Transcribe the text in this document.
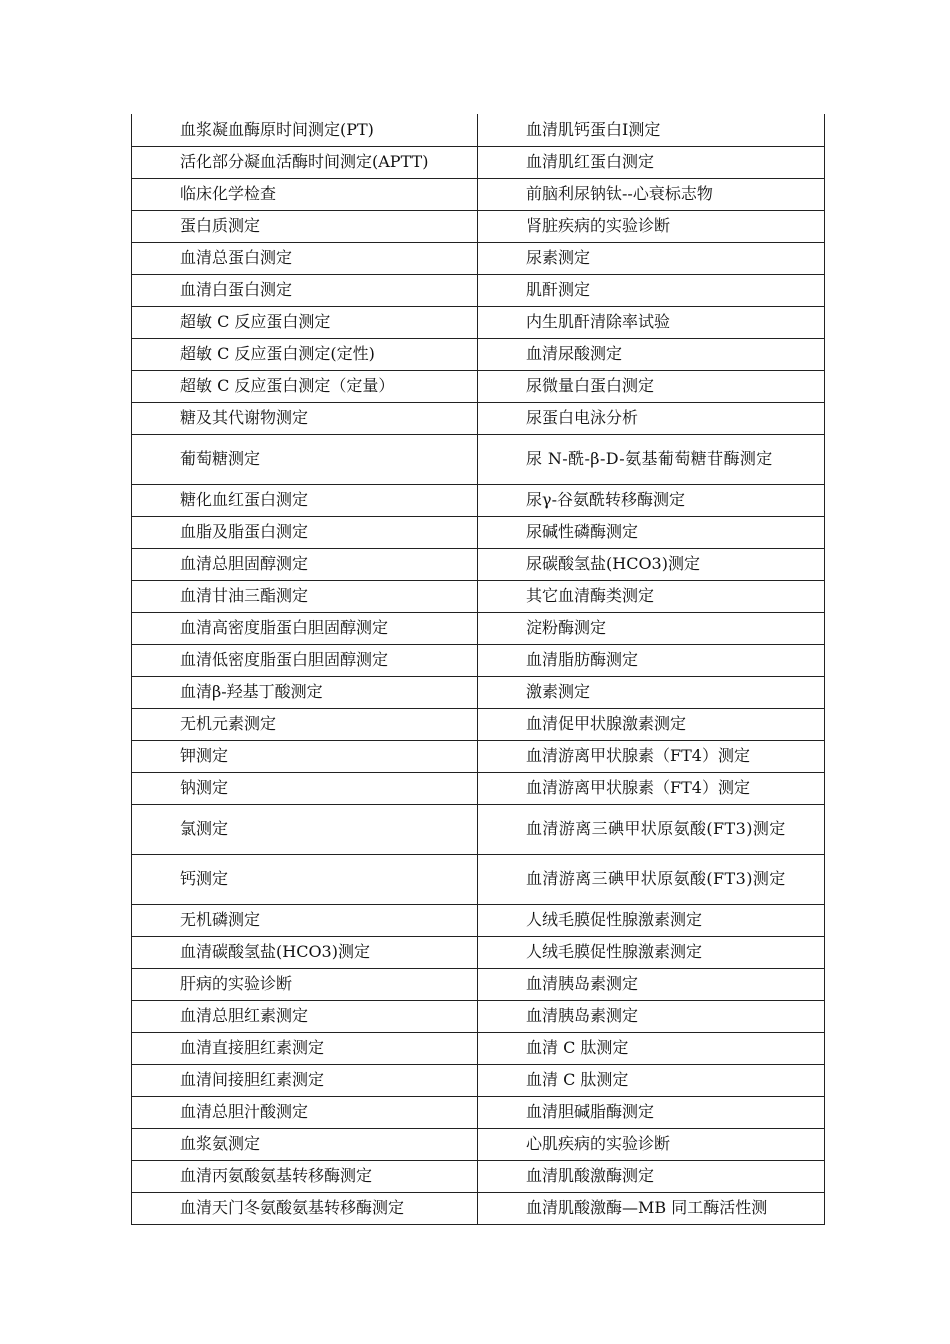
血浆凝血酶原时间测定(PT)	血清肌钙蛋白Ⅰ测定
活化部分凝血活酶时间测定(APTT)	血清肌红蛋白测定
临床化学检查	前脑利尿钠钛--心衰标志物
蛋白质测定	肾脏疾病的实验诊断
血清总蛋白测定	尿素测定
血清白蛋白测定	肌酐测定
超敏 C 反应蛋白测定	内生肌酐清除率试验
超敏 C 反应蛋白测定(定性)	血清尿酸测定
超敏 C 反应蛋白测定（定量）	尿微量白蛋白测定
糖及其代谢物测定	尿蛋白电泳分析
葡萄糖测定	尿 N-酰-β-D-氨基葡萄糖苷酶测定
糖化血红蛋白测定	尿γ-谷氨酰转移酶测定
血脂及脂蛋白测定	尿碱性磷酶测定
血清总胆固醇测定	尿碳酸氢盐(HCO3)测定
血清甘油三酯测定	其它血清酶类测定
血清高密度脂蛋白胆固醇测定	淀粉酶测定
血清低密度脂蛋白胆固醇测定	血清脂肪酶测定
血清β-羟基丁酸测定	激素测定
无机元素测定	血清促甲状腺激素测定
钾测定	血清游离甲状腺素（FT4）测定
钠测定	血清游离甲状腺素（FT4）测定
氯测定	血清游离三碘甲状原氨酸(FT3)测定
钙测定	血清游离三碘甲状原氨酸(FT3)测定
无机磷测定	人绒毛膜促性腺激素测定
血清碳酸氢盐(HCO3)测定	人绒毛膜促性腺激素测定
肝病的实验诊断	血清胰岛素测定
血清总胆红素测定	血清胰岛素测定
血清直接胆红素测定	血清 C 肽测定
血清间接胆红素测定	血清 C 肽测定
血清总胆汁酸测定	血清胆碱脂酶测定
血浆氨测定	心肌疾病的实验诊断
血清丙氨酸氨基转移酶测定	血清肌酸激酶测定
血清天门冬氨酸氨基转移酶测定	血清肌酸激酶—MB 同工酶活性测
